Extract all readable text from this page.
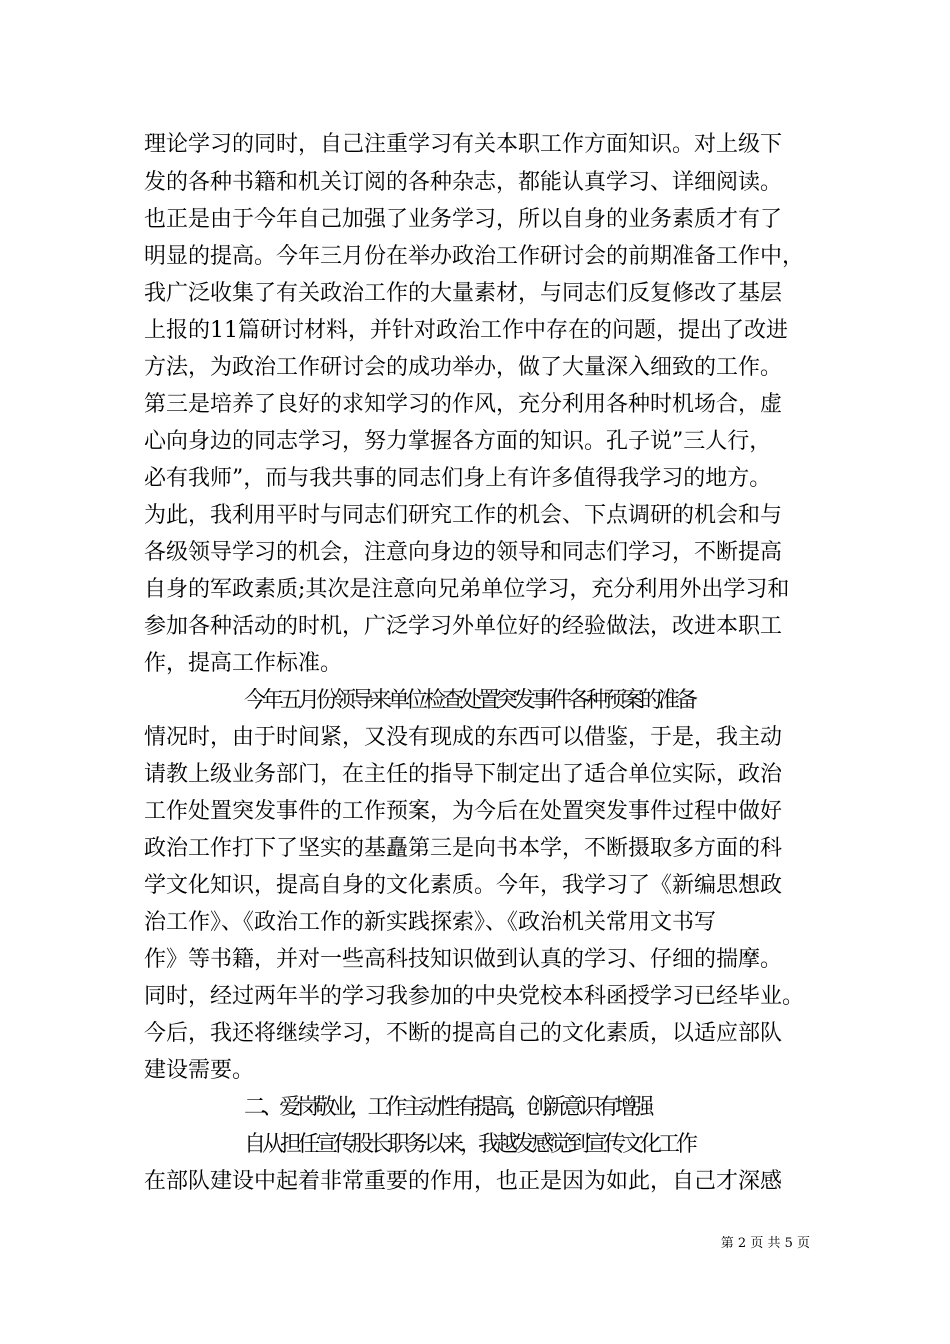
理论学习的同时，自己注重学习有关本职工作方面知识。对上级下
发的各种书籍和机关订阅的各种杂志，都能认真学习、详细阅读。
也正是由于今年自己加强了业务学习，所以自身的业务素质才有了
明显的提高。今年三月份在举办政治工作研讨会的前期准备工作中，
我广泛收集了有关政治工作的大量素材，与同志们反复修改了基层
上报的11篇研讨材料，并针对政治工作中存在的问题，提出了改进
方法，为政治工作研讨会的成功举办，做了大量深入细致的工作。
第三是培养了良好的求知学习的作风，充分利用各种时机场合，虚
心向身边的同志学习，努力掌握各方面的知识。孔子说”三人行，
必有我师”，而与我共事的同志们身上有许多值得我学习的地方。
为此，我利用平时与同志们研究工作的机会、下点调研的机会和与
各级领导学习的机会，注意向身边的领导和同志们学习，不断提高
自身的军政素质;其次是注意向兄弟单位学习，充分利用外出学习和
参加各种活动的时机，广泛学习外单位好的经验做法，改进本职工
作，提高工作标准。
今年五月份领导来单位检查处置突发事件各种预案的准备
情况时，由于时间紧，又没有现成的东西可以借鉴，于是，我主动
请教上级业务部门，在主任的指导下制定出了适合单位实际，政治
工作处置突发事件的工作预案，为今后在处置突发事件过程中做好
政治工作打下了坚实的基矗第三是向书本学，不断摄取多方面的科
学文化知识，提高自身的文化素质。今年，我学习了《新编思想政
治工作》、《政治工作的新实践探索》、《政治机关常用文书写
作》等书籍，并对一些高科技知识做到认真的学习、仔细的揣摩。
同时，经过两年半的学习我参加的中央党校本科函授学习已经毕业。
今后，我还将继续学习，不断的提高自己的文化素质，以适应部队
建设需要。
二、爱岗敬业，工作主动性有提高，创新意识有增强
自从担任宣传股长职务以来，我越发感觉到宣传文化工作
在部队建设中起着非常重要的作用，也正是因为如此，自己才深感
第 2 页 共 5 页
